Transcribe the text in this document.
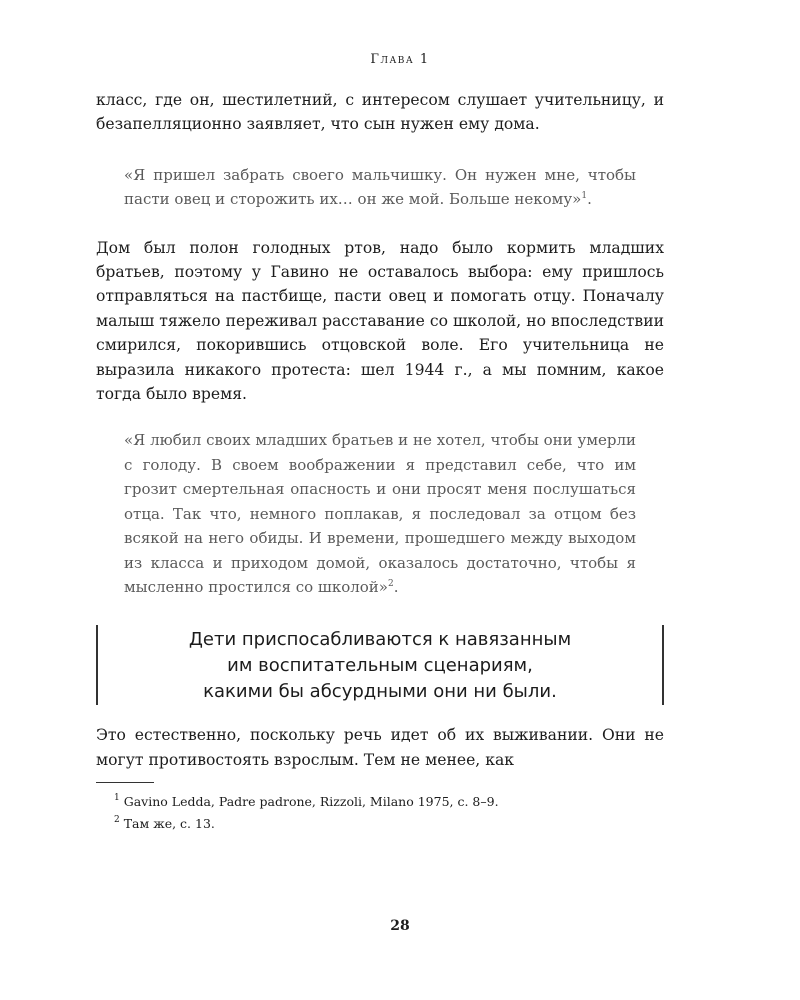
Глава 1

класс, где он, шестилетний, с интересом слушает учительницу, и безапелляционно заявляет, что сын нужен ему дома.

«Я пришел забрать своего мальчишку. Он нужен мне, чтобы пасти овец и сторожить их… он же мой. Больше некому»$^1$.

Дом был полон голодных ртов, надо было кормить младших братьев, поэтому у Гавино не оставалось выбора: ему пришлось отправляться на пастбище, пасти овец и помогать отцу. Поначалу малыш тяжело переживал расставание со школой, но впоследствии смирился, покорившись отцовской воле. Его учительница не выразила никакого протеста: шел 1944 г., а мы помним, какое тогда было время.

«Я любил своих младших братьев и не хотел, чтобы они умерли с голоду. В своем воображении я представил себе, что им грозит смертельная опасность и они просят меня послушаться отца. Так что, немного поплакав, я последовал за отцом без всякой на него обиды. И времени, прошедшего между выходом из класса и приходом домой, оказалось достаточно, чтобы я мысленно простился со школой»$^2$.

Дети приспосабливаются к навязанным
им воспитательным сценариям,
какими бы абсурдными они ни были.

Это естественно, поскольку речь идет об их выживании. Они не могут противостоять взрослым. Тем не менее, как

$^1$ Gavino Ledda, Padre padrone, Rizzoli, Milano 1975, с. 8–9.
$^2$ Там же, с. 13.
28
